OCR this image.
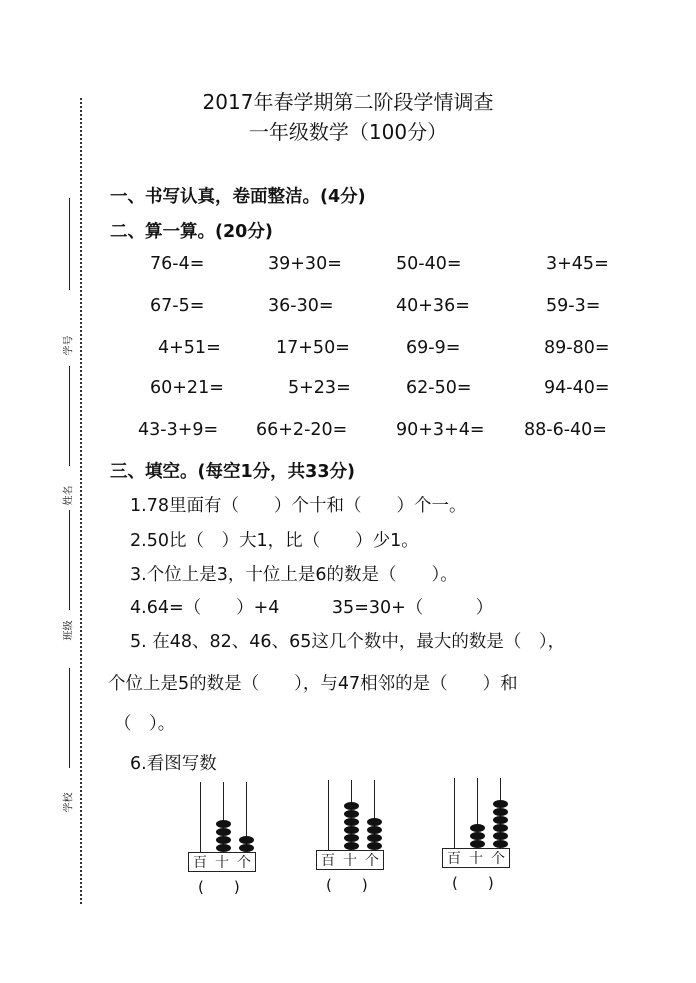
学号
姓名
班级
学校
2017年春学期第二阶段学情调查
一年级数学（100分）
一、书写认真，卷面整洁。(4分)
二、算一算。(20分)
76-4=	39+30=	50-40=	3+45=
67-5=	36-30=	40+36=	59-3=
4+51=	17+50=	69-9=	89-80=
60+21=	5+23=	62-50=	94-40=
43-3+9= 66+2-20=	90+3+4= 88-6-40=
三、填空。(每空1分，共33分)
1.78里面有（　　）个十和（　　）个一。
2.50比（　）大1，比（　　）少1。
3.个位上是3，十位上是6的数是（　　）。
4.64=（　　）+4　　　35=30+（　　　）
5. 在48、82、46、65这几个数中，最大的数是（　），
个位上是5的数是（　　），与47相邻的是（　　）和
（　）。
6.看图写数
百 十 个
(　　)
百 十 个
(　　)
百 十 个
(　　)
